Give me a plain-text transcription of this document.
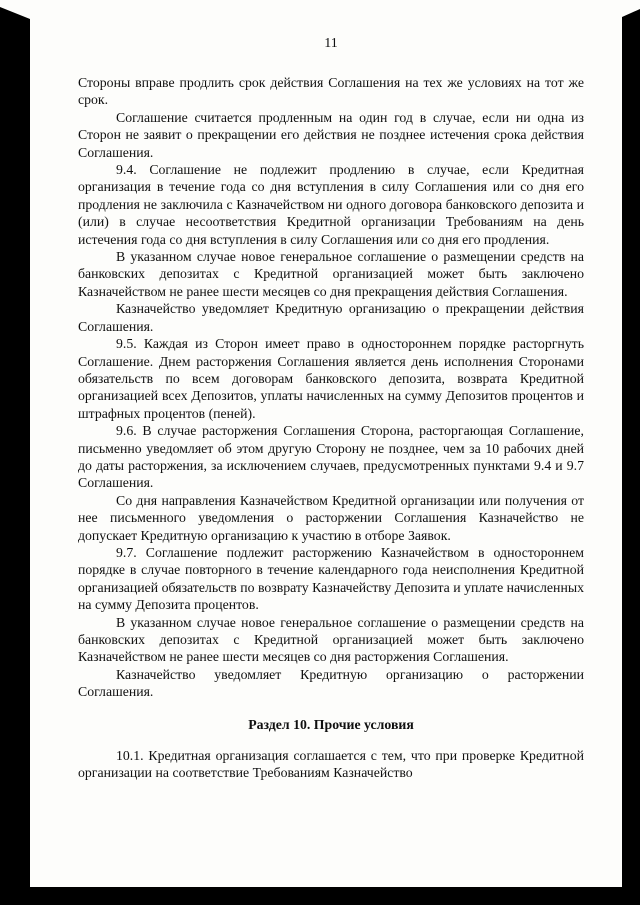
11

Стороны вправе продлить срок действия Соглашения на тех же условиях на тот же срок.

Соглашение считается продленным на один год в случае, если ни одна из Сторон не заявит о прекращении его действия не позднее истечения срока действия Соглашения.

9.4. Соглашение не подлежит продлению в случае, если Кредитная организация в течение года со дня вступления в силу Соглашения или со дня его продления не заключила с Казначейством ни одного договора банковского депозита и (или) в случае несоответствия Кредитной организации Требованиям на день истечения года со дня вступления в силу Соглашения или со дня его продления.

В указанном случае новое генеральное соглашение о размещении средств на банковских депозитах с Кредитной организацией может быть заключено Казначейством не ранее шести месяцев со дня прекращения действия Соглашения.

Казначейство уведомляет Кредитную организацию о прекращении действия Соглашения.

9.5. Каждая из Сторон имеет право в одностороннем порядке расторгнуть Соглашение. Днем расторжения Соглашения является день исполнения Сторонами обязательств по всем договорам банковского депозита, возврата Кредитной организацией всех Депозитов, уплаты начисленных на сумму Депозитов процентов и штрафных процентов (пеней).

9.6. В случае расторжения Соглашения Сторона, расторгающая Соглашение, письменно уведомляет об этом другую Сторону не позднее, чем за 10 рабочих дней до даты расторжения, за исключением случаев, предусмотренных пунктами 9.4 и 9.7 Соглашения.

Со дня направления Казначейством Кредитной организации или получения от нее письменного уведомления о расторжении Соглашения Казначейство не допускает Кредитную организацию к участию в отборе Заявок.

9.7. Соглашение подлежит расторжению Казначейством в одностороннем порядке в случае повторного в течение календарного года неисполнения Кредитной организацией обязательств по возврату Казначейству Депозита и уплате начисленных на сумму Депозита процентов.

В указанном случае новое генеральное соглашение о размещении средств на банковских депозитах с Кредитной организацией может быть заключено Казначейством не ранее шести месяцев со дня расторжения Соглашения.

Казначейство уведомляет Кредитную организацию о расторжении Соглашения.

Раздел 10. Прочие условия

10.1. Кредитная организация соглашается с тем, что при проверке Кредитной организации на соответствие Требованиям Казначейство
